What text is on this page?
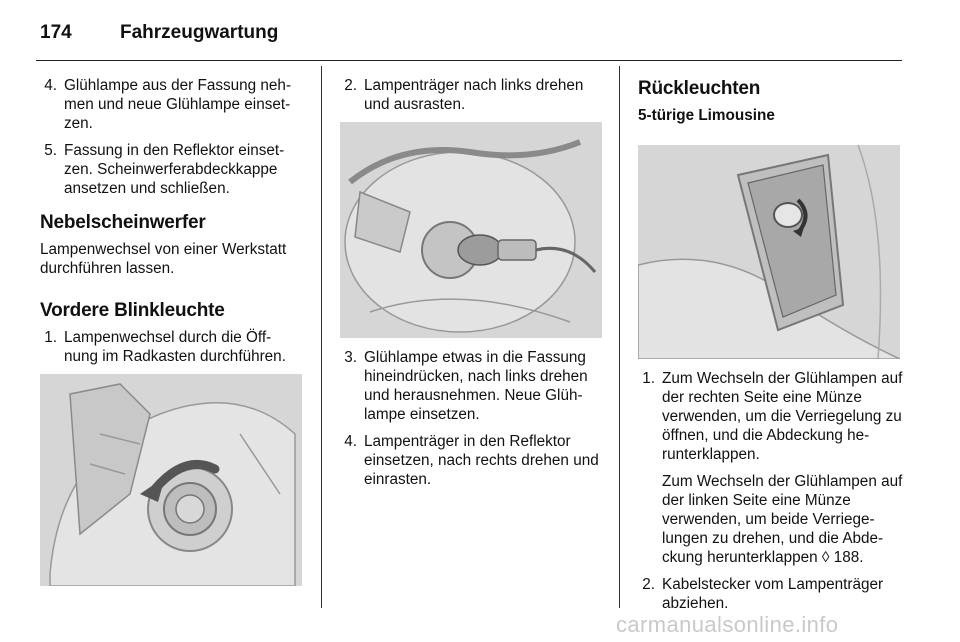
174	Fahrzeugwartung
4. Glühlampe aus der Fassung neh-men und neue Glühlampe einset-zen.
5. Fassung in den Reflektor einset-zen. Scheinwerferabdeckkappe ansetzen und schließen.
Nebelscheinwerfer

Lampenwechsel von einer Werkstatt durchführen lassen.

Vordere Blinkleuchte
1. Lampenwechsel durch die Öff-nung im Radkasten durchführen.
2. Lampenträger nach links drehen und ausrasten.
3. Glühlampe etwas in die Fassung hineindrücken, nach links drehen und herausnehmen. Neue Glüh-lampe einsetzen.
4. Lampenträger in den Reflektor einsetzen, nach rechts drehen und einrasten.
Rückleuchten
5-türige Limousine
1. Zum Wechseln der Glühlampen auf der rechten Seite eine Münze verwenden, um die Verriegelung zu öffnen, und die Abdeckung he-runterklappen.
Zum Wechseln der Glühlampen auf der linken Seite eine Münze verwenden, um beide Verriege-lungen zu drehen, und die Abde-ckung herunterklappen ◊ 188.
2. Kabelstecker vom Lampenträger abziehen.
carmanualsonline.info
